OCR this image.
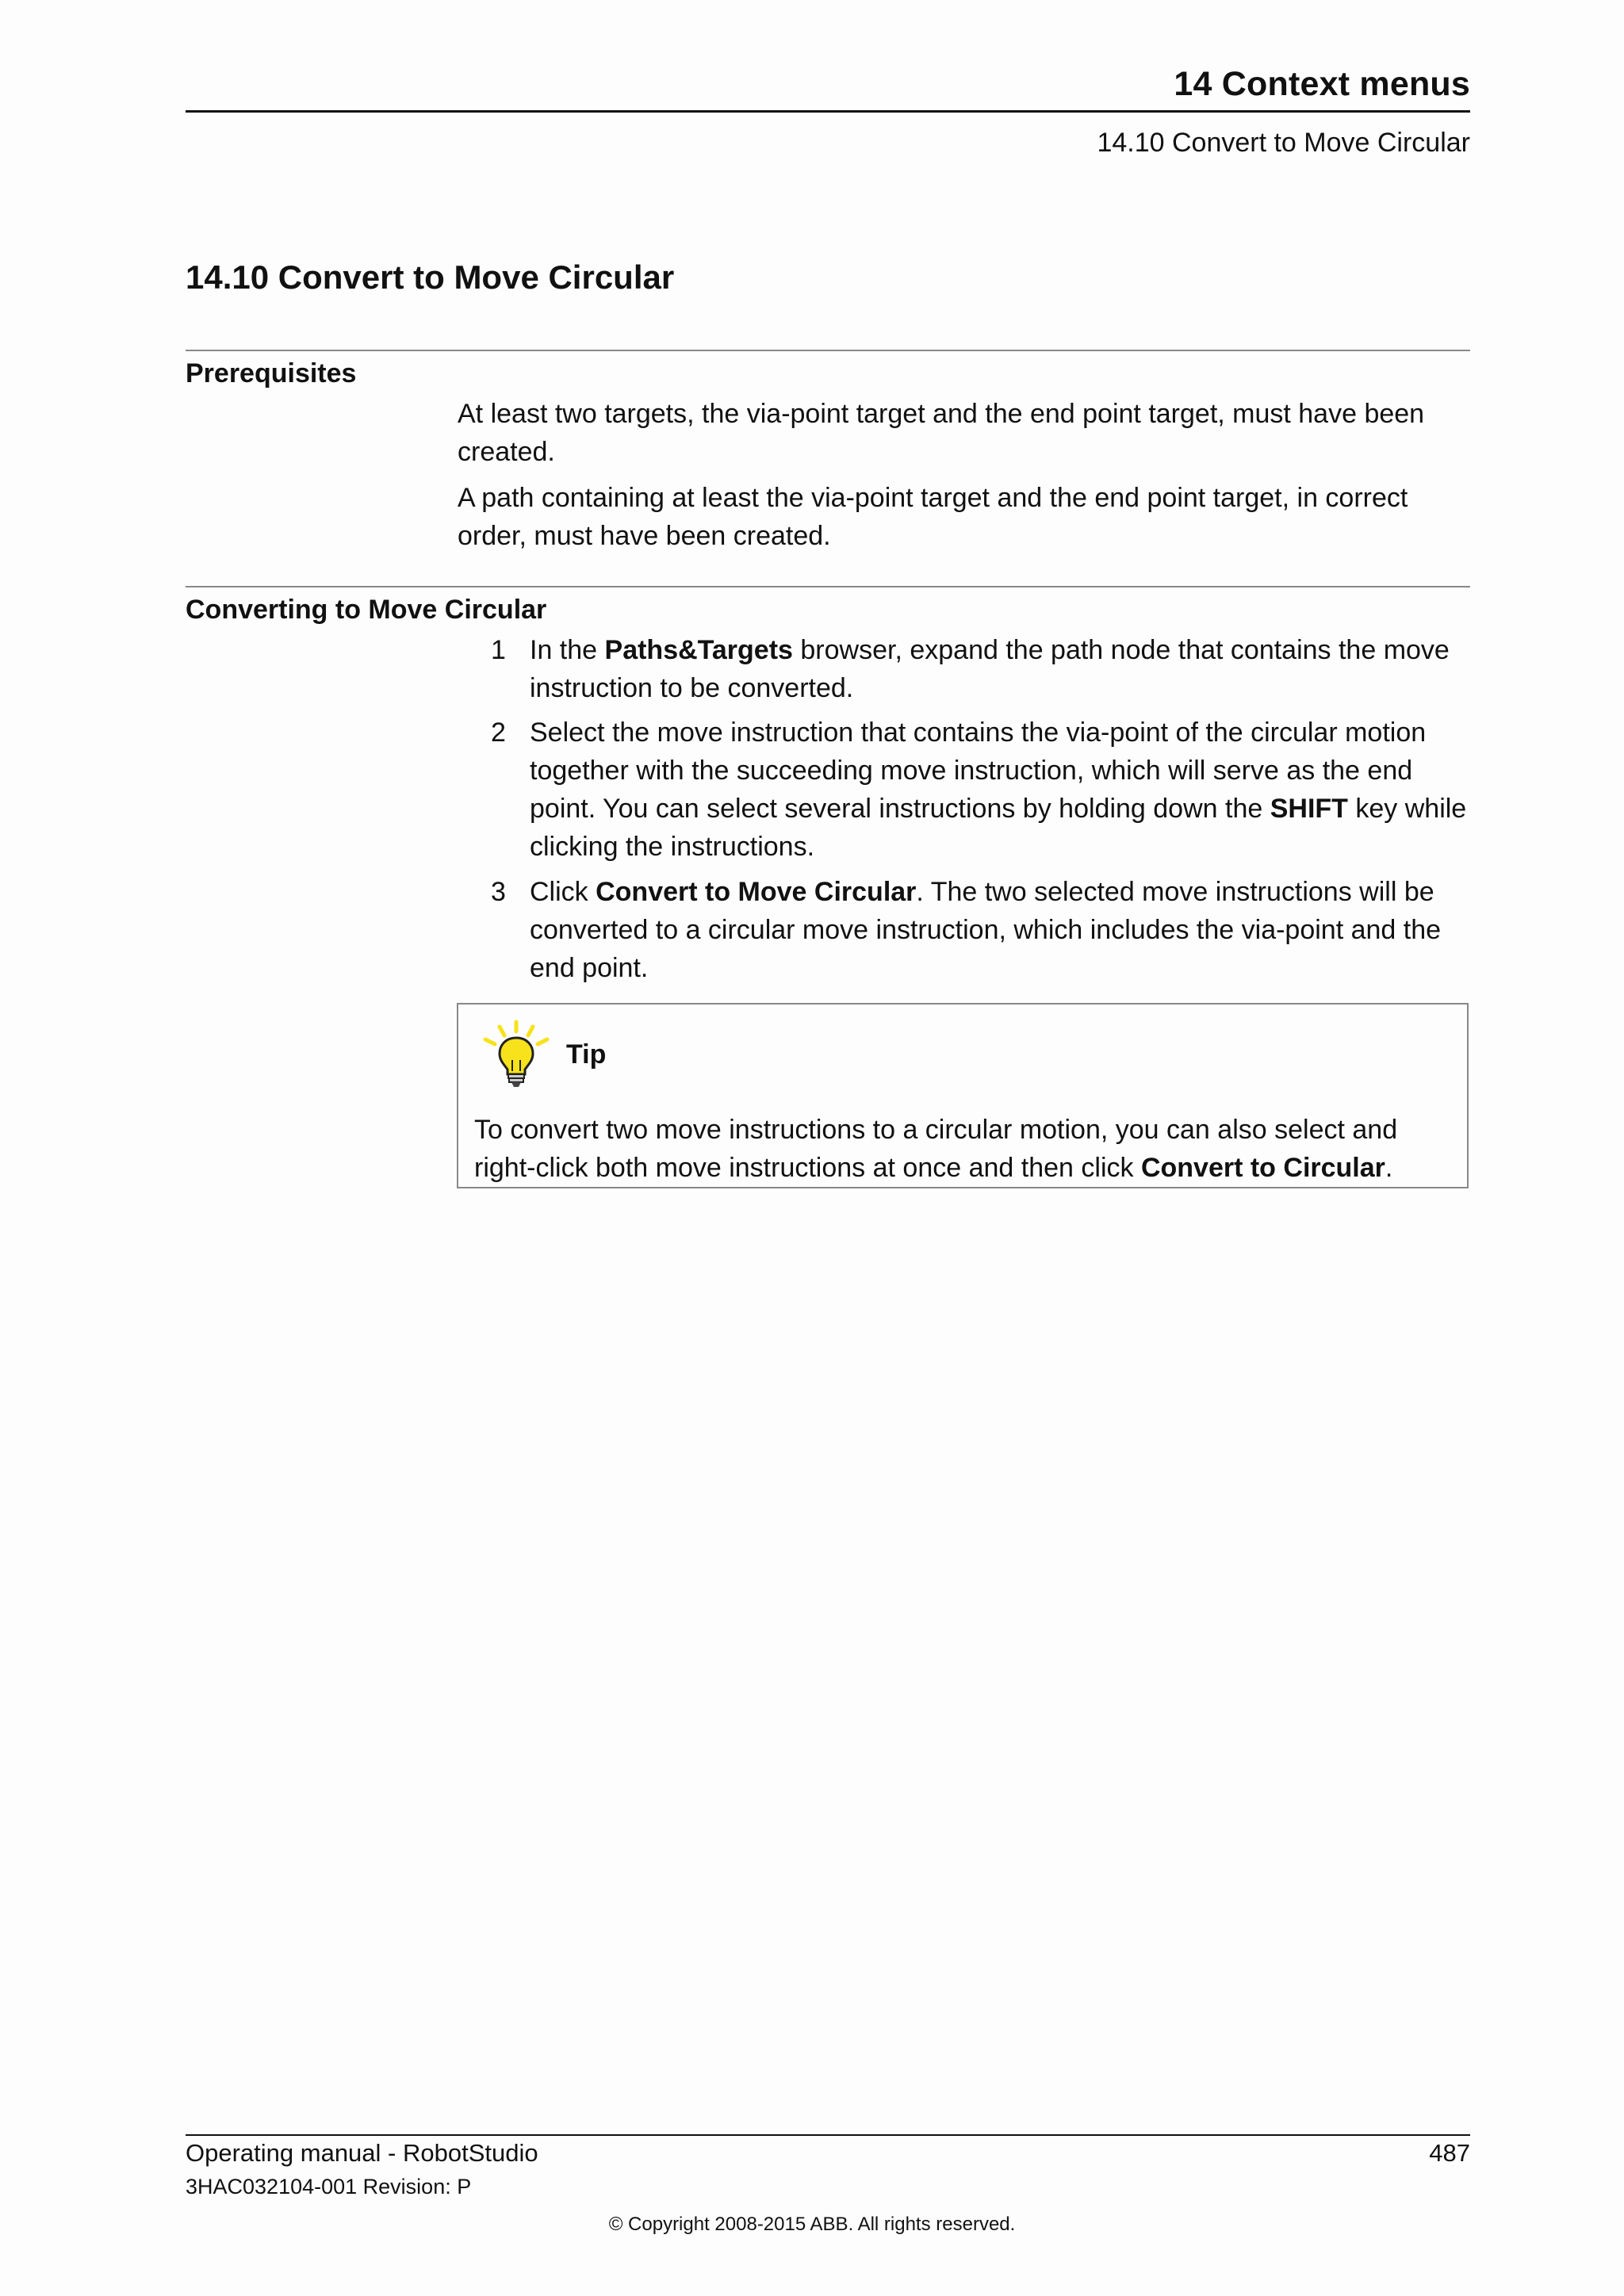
14 Context menus
14.10 Convert to Move Circular
14.10 Convert to Move Circular
Prerequisites
At least two targets, the via-point target and the end point target, must have been created.
A path containing at least the via-point target and the end point target, in correct order, must have been created.
Converting to Move Circular
1 In the Paths&Targets browser, expand the path node that contains the move instruction to be converted.
2 Select the move instruction that contains the via-point of the circular motion together with the succeeding move instruction, which will serve as the end point. You can select several instructions by holding down the SHIFT key while clicking the instructions.
3 Click Convert to Move Circular. The two selected move instructions will be converted to a circular move instruction, which includes the via-point and the end point.
Tip
To convert two move instructions to a circular motion, you can also select and right-click both move instructions at once and then click Convert to Circular.
Operating manual - RobotStudio	487
3HAC032104-001 Revision: P
© Copyright 2008-2015 ABB. All rights reserved.
